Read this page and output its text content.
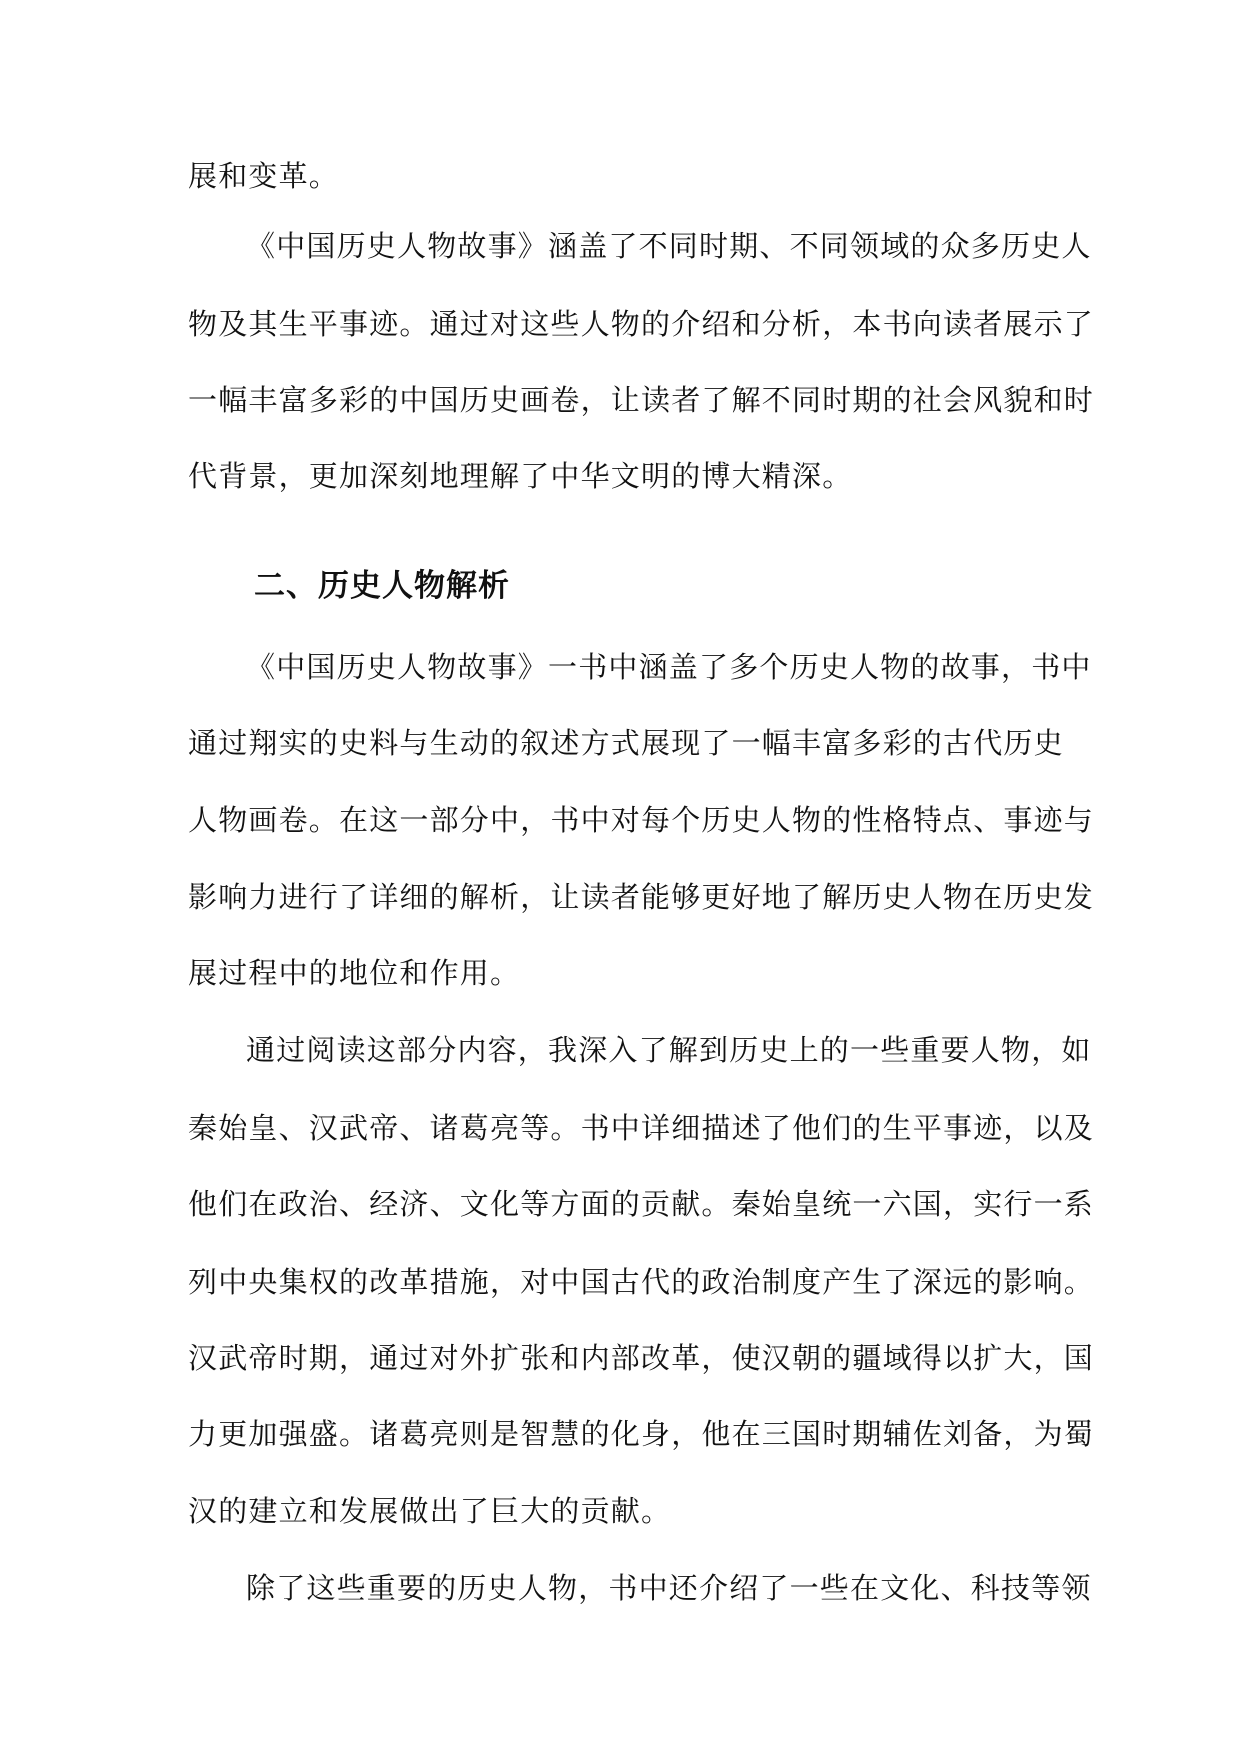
展和变革。
《中国历史人物故事》涵盖了不同时期、不同领域的众多历史人
物及其生平事迹。通过对这些人物的介绍和分析，本书向读者展示了
一幅丰富多彩的中国历史画卷，让读者了解不同时期的社会风貌和时
代背景，更加深刻地理解了中华文明的博大精深。
二、历史人物解析
《中国历史人物故事》一书中涵盖了多个历史人物的故事，书中
通过翔实的史料与生动的叙述方式展现了一幅丰富多彩的古代历史
人物画卷。在这一部分中，书中对每个历史人物的性格特点、事迹与
影响力进行了详细的解析，让读者能够更好地了解历史人物在历史发
展过程中的地位和作用。
通过阅读这部分内容，我深入了解到历史上的一些重要人物，如
秦始皇、汉武帝、诸葛亮等。书中详细描述了他们的生平事迹，以及
他们在政治、经济、文化等方面的贡献。秦始皇统一六国，实行一系
列中央集权的改革措施，对中国古代的政治制度产生了深远的影响。
汉武帝时期，通过对外扩张和内部改革，使汉朝的疆域得以扩大，国
力更加强盛。诸葛亮则是智慧的化身，他在三国时期辅佐刘备，为蜀
汉的建立和发展做出了巨大的贡献。
除了这些重要的历史人物，书中还介绍了一些在文化、科技等领
